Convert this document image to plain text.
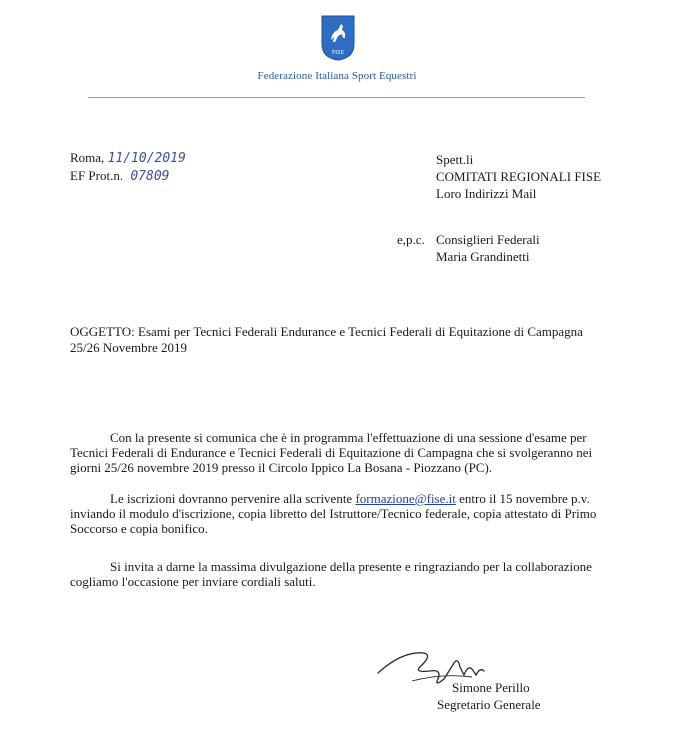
FISE
Federazione Italiana Sport Equestri
Roma, 11/10/2019
EF Prot.n. 07809
Spett.li
COMITATI REGIONALI FISE
Loro Indirizzi Mail
e,p.c. Consiglieri Federali
Maria Grandinetti
OGGETTO: Esami per Tecnici Federali Endurance e Tecnici Federali di Equitazione di Campagna
25/26 Novembre 2019
Con la presente si comunica che è in programma l'effettuazione di una sessione d'esame per
Tecnici Federali di Endurance e Tecnici Federali di Equitazione di Campagna che si svolgeranno nei
giorni 25/26 novembre 2019 presso il Circolo Ippico La Bosana - Piozzano (PC).
Le iscrizioni dovranno pervenire alla scrivente formazione@fise.it entro il 15 novembre p.v.
inviando il modulo d'iscrizione, copia libretto del Istruttore/Tecnico federale, copia attestato di Primo
Soccorso e copia bonifico.
Si invita a darne la massima divulgazione della presente e ringraziando per la collaborazione
cogliamo l'occasione per inviare cordiali saluti.
Simone Perillo
Segretario Generale
